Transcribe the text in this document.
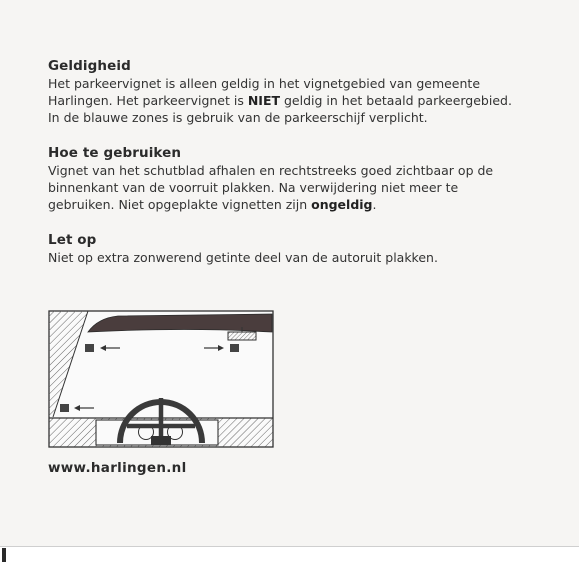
Geldigheid
Het parkeervignet is alleen geldig in het vignetgebied van gemeente Harlingen. Het parkeervignet is NIET geldig in het betaald parkeergebied. In de blauwe zones is gebruik van de parkeerschijf verplicht.
Hoe te gebruiken
Vignet van het schutblad afhalen en rechtstreeks goed zichtbaar op de binnenkant van de voorruit plakken. Na verwijdering niet meer te gebruiken. Niet opgeplakte vignetten zijn ongeldig.
Let op
Niet op extra zonwerend getinte deel van de autoruit plakken.
www.harlingen.nl
